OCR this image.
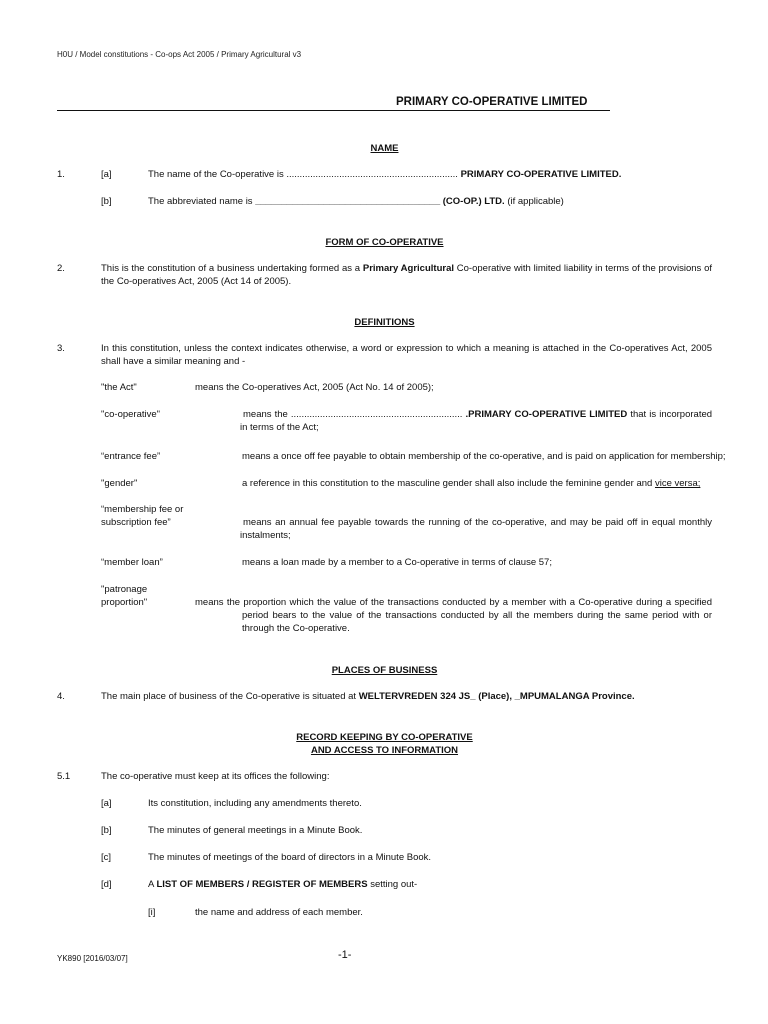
H0U / Model constitutions - Co-ops Act 2005 / Primary Agricultural v3
PRIMARY CO-OPERATIVE LIMITED
NAME
1.	[a]	The name of the Co-operative is ................................................................. PRIMARY CO-OPERATIVE LIMITED.
[b]	The abbreviated name is ___________________________________ (CO-OP.) LTD. (if applicable)
FORM OF CO-OPERATIVE
2.	This is the constitution of a business undertaking formed as a Primary Agricultural Co-operative with limited liability in terms of the provisions of the Co-operatives Act, 2005 (Act 14 of 2005).
DEFINITIONS
3.	In this constitution, unless the context indicates otherwise, a word or expression to which a meaning is attached in the Co-operatives Act, 2005 shall have a similar meaning and -
"the Act"	means the Co-operatives Act, 2005 (Act No. 14 of 2005);
"co-operative"	means the ................................................................. .PRIMARY CO-OPERATIVE LIMITED that is incorporated in terms of the Act;
“entrance fee”	means a once off fee payable to obtain membership of the co-operative, and is paid on application for membership;
"gender"	a reference in this constitution to the masculine gender shall also include the feminine gender and vice versa;
“membership fee or
subscription fee”	means an annual fee payable towards the running of the co-operative, and may be paid off in equal monthly instalments;
“member loan”	means a loan made by a member to a Co-operative in terms of clause 57;
"patronage
proportion"	means the proportion which the value of the transactions conducted by a member with a Co-operative during a specified period bears to the value of the transactions conducted by all the members during the same period with or through the Co-operative.
PLACES OF BUSINESS
4.	The main place of business of the Co-operative is situated at WELTERVREDEN 324 JS_ (Place), _MPUMALANGA Province.
RECORD KEEPING BY CO-OPERATIVE
AND ACCESS TO INFORMATION
5.1	The co-operative must keep at its offices the following:
[a]	Its constitution, including any amendments thereto.
[b]	The minutes of general meetings in a Minute Book.
[c]	The minutes of meetings of the board of directors in a Minute Book.
[d]	A LIST OF MEMBERS / REGISTER OF MEMBERS setting out-
[i]	the name and address of each member.
YK890 [2016/03/07]	-1-
